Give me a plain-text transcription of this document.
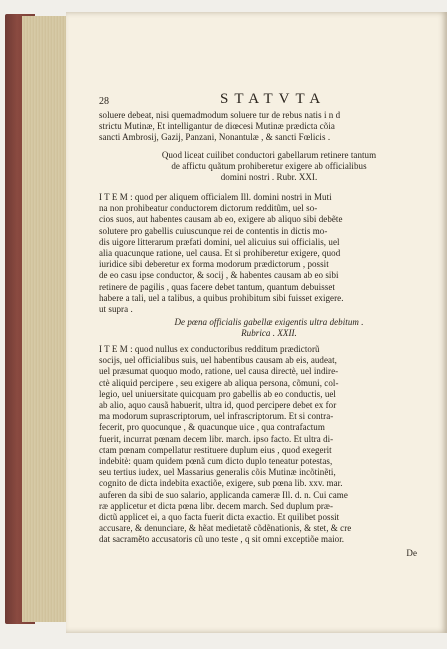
28	STATVTA
soluere debeat, nisi quemadmodum soluere tur de rebus natis i n d
strictu Mutinæ, Et intelligantur de diœcesi Mutinæ prædicta cõia
sancti Ambrosij, Gazij, Panzani, Nonantulæ , & sancti Fœlicis .
Quod liceat cuilibet conductori gabellarum retinere tantum
de affictu quãtum prohiberetur exigere ab officialibus
domini nostri . Rubr. XXI.
I T E M : quod per aliquem officialem Ill. domini nostri in Muti
na non prohibeatur conductorem dictorum redditũm, uel so-
cios suos, aut habentes causam ab eo, exigere ab aliquo sibi debẽte
solutere pro gabellis cuiuscunque rei de contentis in dictis mo-
dis uigore litterarum præfati domini, uel alicuius sui officialis, uel
alia quacunque ratione, uel causa. Et si prohiberetur exigere, quod
iuridice sibi deberetur ex forma modorum prædictorum , possit
de eo casu ipse conductor, & socij , & habentes causam ab eo sibi
retinere de pagilis , quas facere debet tantum, quantum debuisset
habere a tali, uel a talibus, a quibus prohibitum sibi fuisset exigere.
ut supra .
De pœna officialis gabellæ exigentis ultra debitum .
Rubrica . XXII.
I T E M : quod nullus ex conductoribus redditum prædictorũ
socijs, uel officialibus suis, uel habentibus causam ab eis, audeat,
uel præsumat quoquo modo, ratione, uel causa directè, uel indire-
ctè aliquid percipere , seu exigere ab aliqua persona, cõmuni, col-
legio, uel uniuersitate quicquam pro gabellis ab eo conductis, uel
ab alio, aquo causã habuerit, ultra id, quod percipere debet ex for
ma modorum suprascriptorum, uel infrascriptorum. Et si contra-
fecerit, pro quocunque , & quacunque uice , qua contrafactum
fuerit, incurrat pœnam decem libr. march. ipso facto. Et ultra di-
ctam pœnam compellatur restituere duplum eius , quod exegerit
indebitè: quam quidem pœnã cum dicto duplo teneatur potestas,
seu tertius iudex, uel Massarius generalis cõis Mutinæ incõtinẽti,
cognito de dicta indebita exactiõe, exigere, sub pœna lib. xxv. mar.
auferen da sibi de suo salario, applicanda cameræ Ill. d. n. Cui came
ræ applicetur et dicta pœna libr. decem march. Sed duplum præ-
dictũ applicet ei, a quo facta fuerit dicta exactio. Et quilibet possit
accusare, & denunciare, & hẽat medietatẽ cõdẽnationis, & stet, & cre
dat sacraměto accusatoris cũ uno teste , q sit omni exceptiõe maior.
De
